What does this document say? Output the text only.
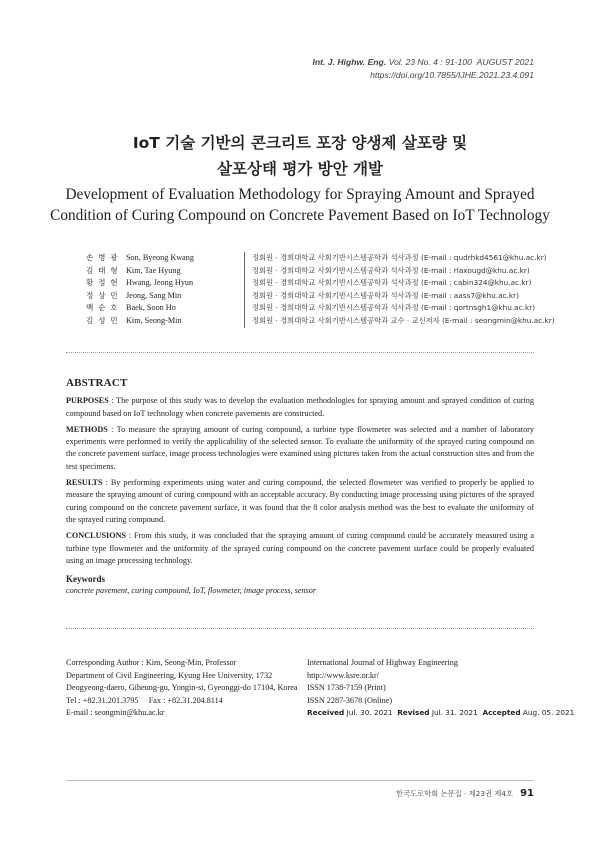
Int. J. Highw. Eng. Vol. 23 No. 4 : 91-100 AUGUST 2021
https://doi.org/10.7855/IJHE.2021.23.4.091
IoT 기술 기반의 콘크리트 포장 양생제 살포량 및
살포상태 평가 방안 개발
Development of Evaluation Methodology for Spraying Amount and Sprayed
Condition of Curing Compound on Concrete Pavement Based on IoT Technology
손 병 광 Son, Byeong Kwang	정회원 · 경희대학교 사회기반시스템공학과 석사과정 (E-mail : qudrhkd4561@khu.ac.kr)
김 태 형 Kim, Tae Hyung	정회원 · 경희대학교 사회기반시스템공학과 석사과정 (E-mail : rlaxougd@khu.ac.kr)
황 정 현 Hwang, Jeong Hyun	정회원 · 경희대학교 사회기반시스템공학과 석사과정 (E-mail : cabin324@khu.ac.kr)
정 상 민 Jeong, Sang Min	정회원 · 경희대학교 사회기반시스템공학과 석사과정 (E-mail : aass7@khu.ac.kr)
백 순 호 Baek, Soon Ho	정회원 · 경희대학교 사회기반시스템공학과 석사과정 (E-mail : qortnsgh1@khu.ac.kr)
김 성 민 Kim, Seong-Min	정회원 · 경희대학교 사회기반시스템공학과 교수 · 교신저자 (E-mail : seongmin@khu.ac.kr)
ABSTRACT

PURPOSES : The purpose of this study was to develop the evaluation methodologies for spraying amount and sprayed condition of curing compound based on IoT technology when concrete pavements are constructed.

METHODS : To measure the spraying amount of curing compound, a turbine type flowmeter was selected and a number of laboratory experiments were performed to verify the applicability of the selected sensor. To evaluate the uniformity of the sprayed curing compound on the concrete pavement surface, image process technologies were examined using pictures taken from the actual construction sites and from the test specimens.

RESULTS : By performing experiments using water and curing compound, the selected flowmeter was verified to properly be applied to measure the spraying amount of curing compound with an acceptable accuracy. By conducting image processing using pictures of the sprayed curing compound on the concrete pavement surface, it was found that the 8 color analysis method was the best to evaluate the uniformity of the sprayed curing compound.

CONCLUSIONS : From this study, it was concluded that the spraying amount of curing compound could be accurately measured using a turbine type flowmeter and the uniformity of the sprayed curing compound on the concrete pavement surface could be properly evaluated using an image processing technology.

Keywords
concrete pavement, curing compound, IoT, flowmeter, image process, sensor
Corresponding Author : Kim, Seong-Min, Professor
Department of Civil Engineering, Kyung Hee University, 1732
Deogyeong-daero, Giheung-gu, Yongin-si, Gyeonggi-do 17104, Korea
Tel : +82.31.201.3795 Fax : +82.31.204.8114
E-mail : seongmin@khu.ac.kr
International Journal of Highway Engineering
http://www.ksre.or.kr/
ISSN 1738-7159 (Print)
ISSN 2287-3678 (Online)
Received Jul. 30. 2021 Revised Jul. 31. 2021 Accepted Aug. 05. 2021
한국도로학회 논문집 · 제23권 제4호 91
